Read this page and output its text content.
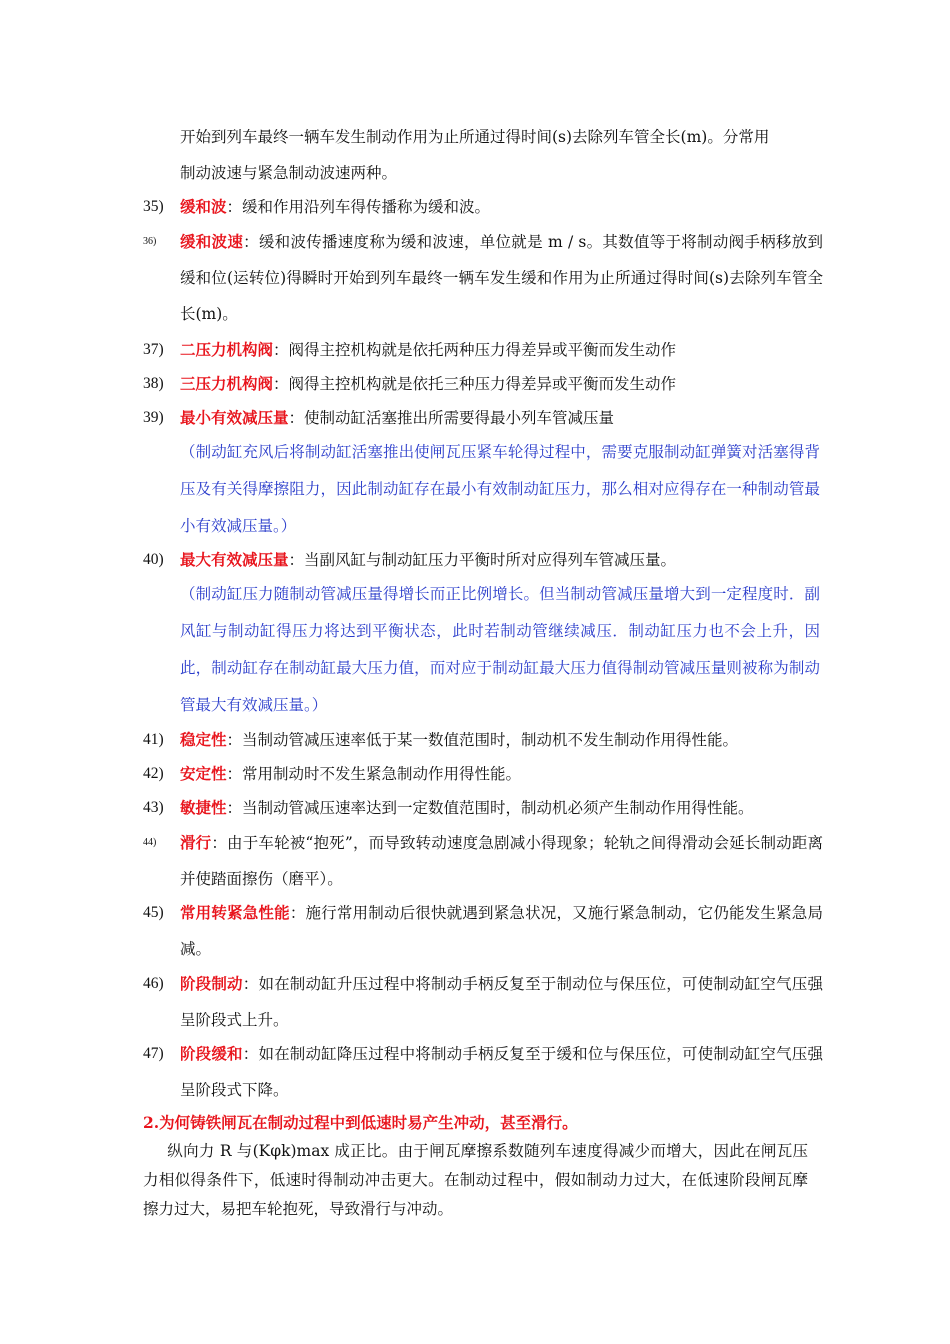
开始到列车最终一辆车发生制动作用为止所通过得时间(s)去除列车管全长(m)。分常用
制动波速与紧急制动波速两种。
35) 缓和波：缓和作用沿列车得传播称为缓和波。
36) 缓和波速：缓和波传播速度称为缓和波速，单位就是 m / s。其数值等于将制动阀手柄移放到缓和位(运转位)得瞬时开始到列车最终一辆车发生缓和作用为止所通过得时间(s)去除列车管全长(m)。
37) 二压力机构阀：阀得主控机构就是依托两种压力得差异或平衡而发生动作
38) 三压力机构阀：阀得主控机构就是依托三种压力得差异或平衡而发生动作
39) 最小有效减压量：使制动缸活塞推出所需要得最小列车管减压量
（制动缸充风后将制动缸活塞推出使闸瓦压紧车轮得过程中，需要克服制动缸弹簧对活塞得背压及有关得摩擦阻力，因此制动缸存在最小有效制动缸压力，那么相对应得存在一种制动管最小有效减压量。）
40) 最大有效减压量：当副风缸与制动缸压力平衡时所对应得列车管减压量。
（制动缸压力随制动管减压量得增长而正比例增长。但当制动管减压量增大到一定程度时．副风缸与制动缸得压力将达到平衡状态，此时若制动管继续减压．制动缸压力也不会上升，因此，制动缸存在制动缸最大压力值，而对应于制动缸最大压力值得制动管减压量则被称为制动管最大有效减压量。）
41) 稳定性：当制动管减压速率低于某一数值范围时，制动机不发生制动作用得性能。
42) 安定性：常用制动时不发生紧急制动作用得性能。
43) 敏捷性：当制动管减压速率达到一定数值范围时，制动机必须产生制动作用得性能。
44) 滑行：由于车轮被“抱死”，而导致转动速度急剧减小得现象；轮轨之间得滑动会延长制动距离并使踏面擦伤（磨平）。
45) 常用转紧急性能：施行常用制动后很快就遇到紧急状况，又施行紧急制动，它仍能发生紧急局减。
46) 阶段制动：如在制动缸升压过程中将制动手柄反复至于制动位与保压位，可使制动缸空气压强呈阶段式上升。
47) 阶段缓和：如在制动缸降压过程中将制动手柄反复至于缓和位与保压位，可使制动缸空气压强呈阶段式下降。
2.为何铸铁闸瓦在制动过程中到低速时易产生冲动，甚至滑行。
纵向力 R 与(Kφk)max 成正比。由于闸瓦摩擦系数随列车速度得减少而增大，因此在闸瓦压力相似得条件下，低速时得制动冲击更大。在制动过程中，假如制动力过大，在低速阶段闸瓦摩擦力过大，易把车轮抱死，导致滑行与冲动。
